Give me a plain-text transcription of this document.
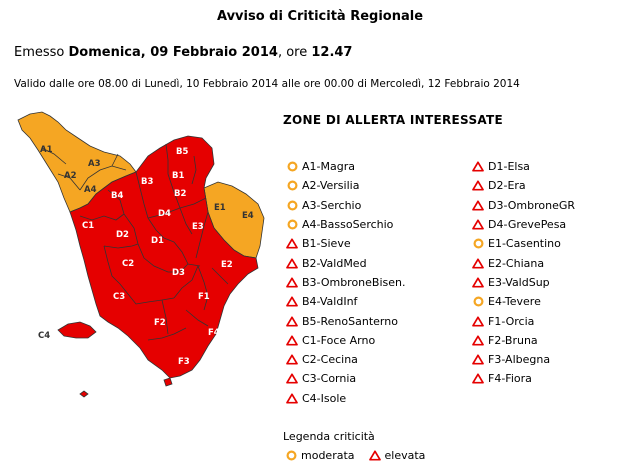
Avviso di Criticità Regionale
Emesso Domenica, 09 Febbraio 2014, ore 12.47
Valido dalle ore 08.00 di Lunedì, 10 Febbraio 2014 alle ore 00.00 di Mercoledì, 12 Febbraio 2014
A1
A2
A3
A4
B1
B2
B3
B4
B5
C1
C2
C3
C4
D1
D2
D3
D4
E1
E2
E3
E4
F1
F2
F3
F4
ZONE DI ALLERTA INTERESSATE
A1-Magra
A2-Versilia
A3-Serchio
A4-BassoSerchio
B1-Sieve
B2-ValdMed
B3-OmbroneBisen.
B4-ValdInf
B5-RenoSanterno
C1-Foce Arno
C2-Cecina
C3-Cornia
C4-Isole
D1-Elsa
D2-Era
D3-OmbroneGR
D4-GrevePesa
E1-Casentino
E2-Chiana
E3-ValdSup
E4-Tevere
F1-Orcia
F2-Bruna
F3-Albegna
F4-Fiora
Legenda criticità
moderata	elevata
